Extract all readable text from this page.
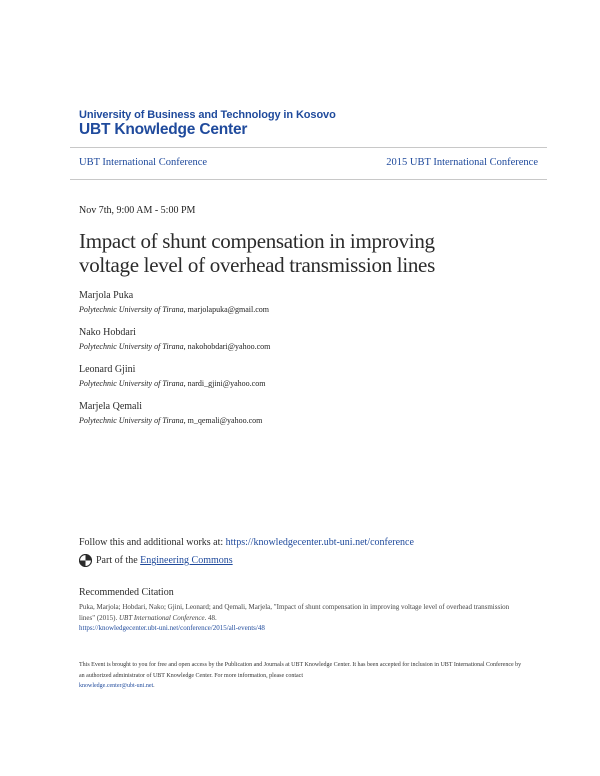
University of Business and Technology in Kosovo
UBT Knowledge Center
UBT International Conference	2015 UBT International Conference
Nov 7th, 9:00 AM - 5:00 PM
Impact of shunt compensation in improving voltage level of overhead transmission lines
Marjola Puka
Polytechnic University of Tirana, marjolapuka@gmail.com
Nako Hobdari
Polytechnic University of Tirana, nakohobdari@yahoo.com
Leonard Gjini
Polytechnic University of Tirana, nardi_gjini@yahoo.com
Marjela Qemali
Polytechnic University of Tirana, m_qemali@yahoo.com
Follow this and additional works at: https://knowledgecenter.ubt-uni.net/conference
Part of the
Engineering Commons
Recommended Citation
Puka, Marjola; Hobdari, Nako; Gjini, Leonard; and Qemali, Marjela, "Impact of shunt compensation in improving voltage level of overhead transmission lines" (2015). UBT International Conference. 48.
https://knowledgecenter.ubt-uni.net/conference/2015/all-events/48
This Event is brought to you for free and open access by the Publication and Journals at UBT Knowledge Center. It has been accepted for inclusion in UBT International Conference by an authorized administrator of UBT Knowledge Center. For more information, please contact
knowledge.center@ubt-uni.net.
